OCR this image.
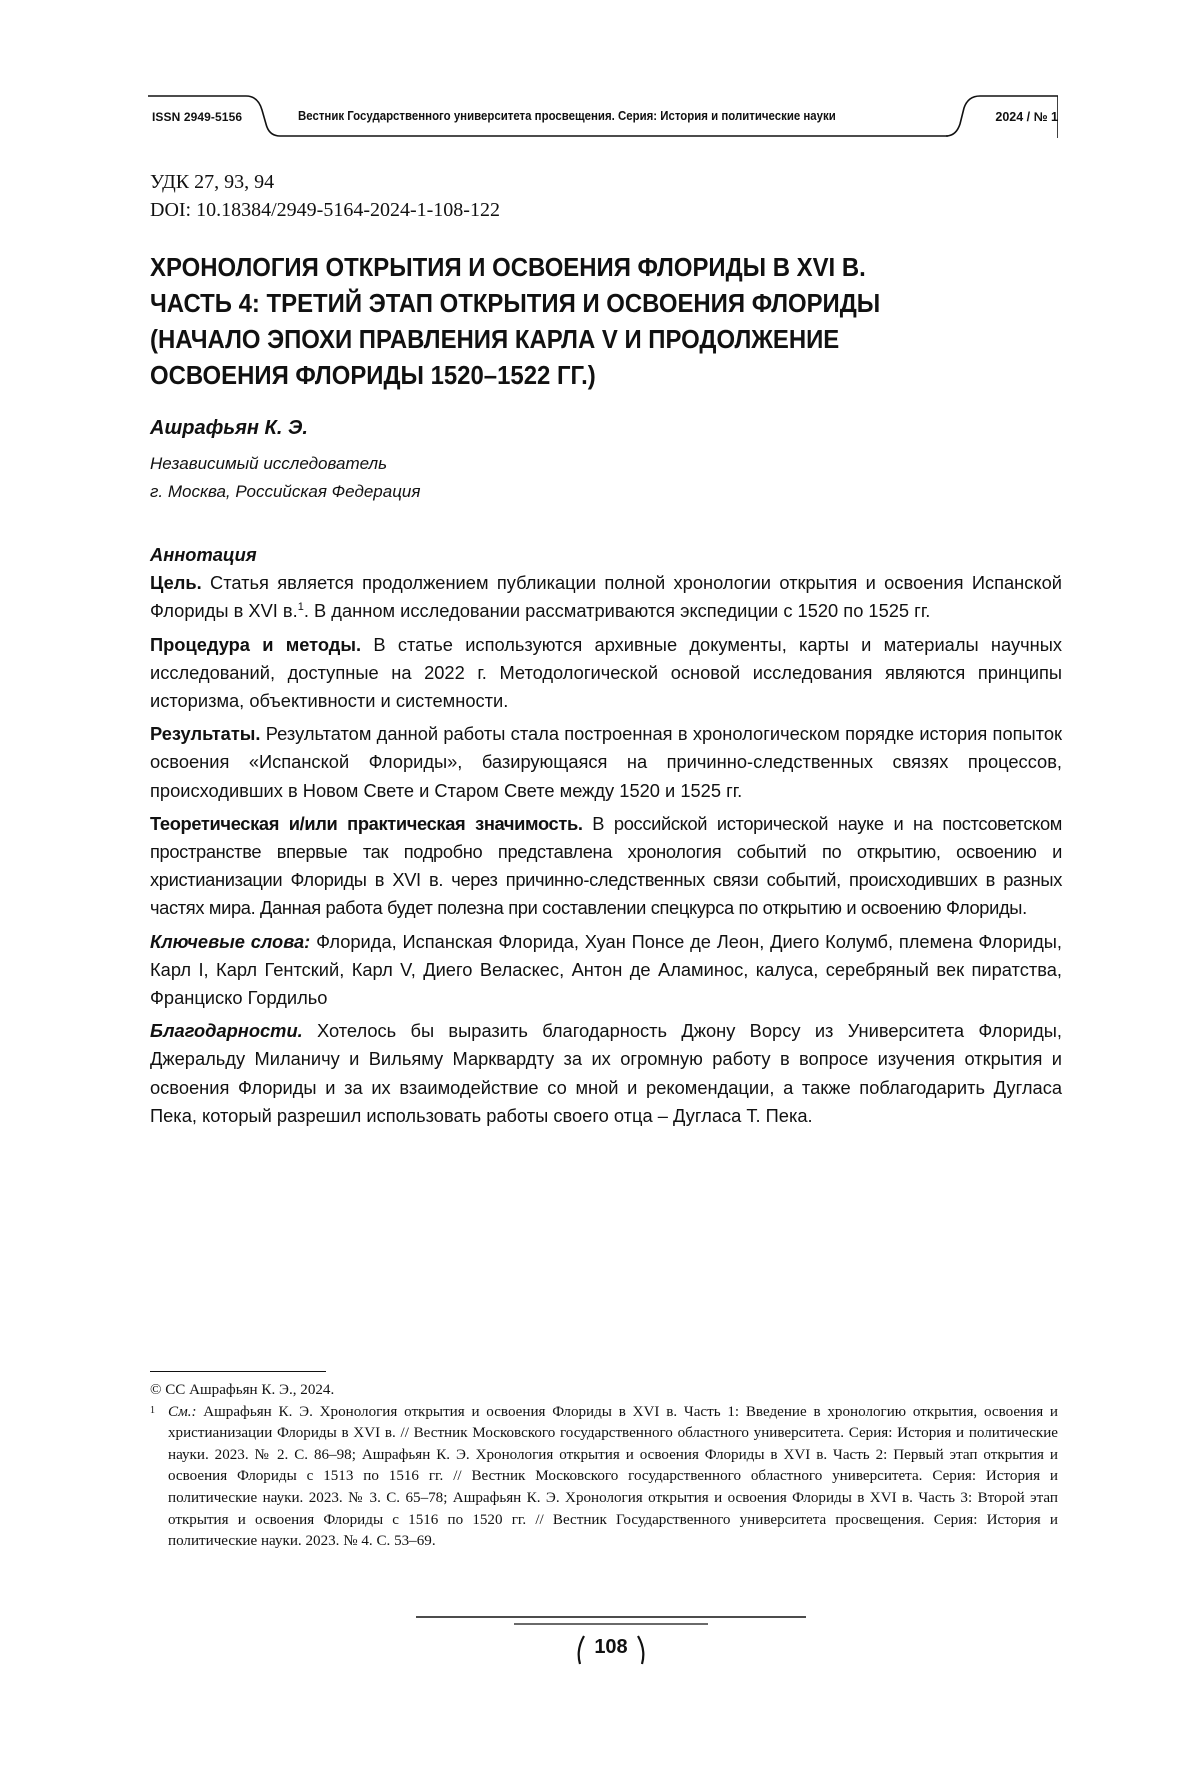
ISSN 2949-5156	Вестник Государственного университета просвещения. Серия: История и политические науки	2024 / № 1
УДК 27, 93, 94
DOI: 10.18384/2949-5164-2024-1-108-122
ХРОНОЛОГИЯ ОТКРЫТИЯ И ОСВОЕНИЯ ФЛОРИДЫ В XVI В.
ЧАСТЬ 4: ТРЕТИЙ ЭТАП ОТКРЫТИЯ И ОСВОЕНИЯ ФЛОРИДЫ
(НАЧАЛО ЭПОХИ ПРАВЛЕНИЯ КАРЛА V И ПРОДОЛЖЕНИЕ
ОСВОЕНИЯ ФЛОРИДЫ 1520–1522 ГГ.)
Ашрафьян К. Э.
Независимый исследователь
г. Москва, Российская Федерация

Аннотация

Цель. Статья является продолжением публикации полной хронологии открытия и освоения Испанской Флориды в XVI в.$^1$. В данном исследовании рассматриваются экспедиции с 1520 по 1525 гг.

Процедура и методы. В статье используются архивные документы, карты и материалы научных исследований, доступные на 2022 г. Методологической основой исследования являются принципы историзма, объективности и системности.

Результаты. Результатом данной работы стала построенная в хронологическом порядке история попыток освоения «Испанской Флориды», базирующаяся на причинно-следственных связях процессов, происходивших в Новом Свете и Старом Свете между 1520 и 1525 гг.

Теоретическая и/или практическая значимость. В российской исторической науке и на постсоветском пространстве впервые так подробно представлена хронология событий по открытию, освоению и христианизации Флориды в XVI в. через причинно-следственных связи событий, происходивших в разных частях мира. Данная работа будет полезна при составлении спецкурса по открытию и освоению Флориды.

Ключевые слова: Флорида, Испанская Флорида, Хуан Понсе де Леон, Диего Колумб, племена Флориды, Карл I, Карл Гентский, Карл V, Диего Веласкес, Антон де Аламинос, калуса, серебряный век пиратства, Франциско Гордильо

Благодарности. Хотелось бы выразить благодарность Джону Ворсу из Университета Флориды, Джеральду Миланичу и Вильяму Марквардту за их огромную работу в вопросе изучения открытия и освоения Флориды и за их взаимодействие со мной и рекомендации, а также поблагодарить Дугласа Пека, который разрешил использовать работы своего отца – Дугласа Т. Пека.

© CC Ашрафьян К. Э., 2024.
1 См.: Ашрафьян К. Э. Хронология открытия и освоения Флориды в XVI в. Часть 1: Введение в хронологию открытия, освоения и христианизации Флориды в XVI в. // Вестник Московского государственного областного университета. Серия: История и политические науки. 2023. № 2. С. 86–98; Ашрафьян К. Э. Хронология открытия и освоения Флориды в XVI в. Часть 2: Первый этап открытия и освоения Флориды с 1513 по 1516 гг. // Вестник Московского государственного областного университета. Серия: История и политические науки. 2023. № 3. С. 65–78; Ашрафьян К. Э. Хронология открытия и освоения Флориды в XVI в. Часть 3: Второй этап открытия и освоения Флориды с 1516 по 1520 гг. // Вестник Государственного университета просвещения. Серия: История и политические науки. 2023. № 4. С. 53–69.
108
